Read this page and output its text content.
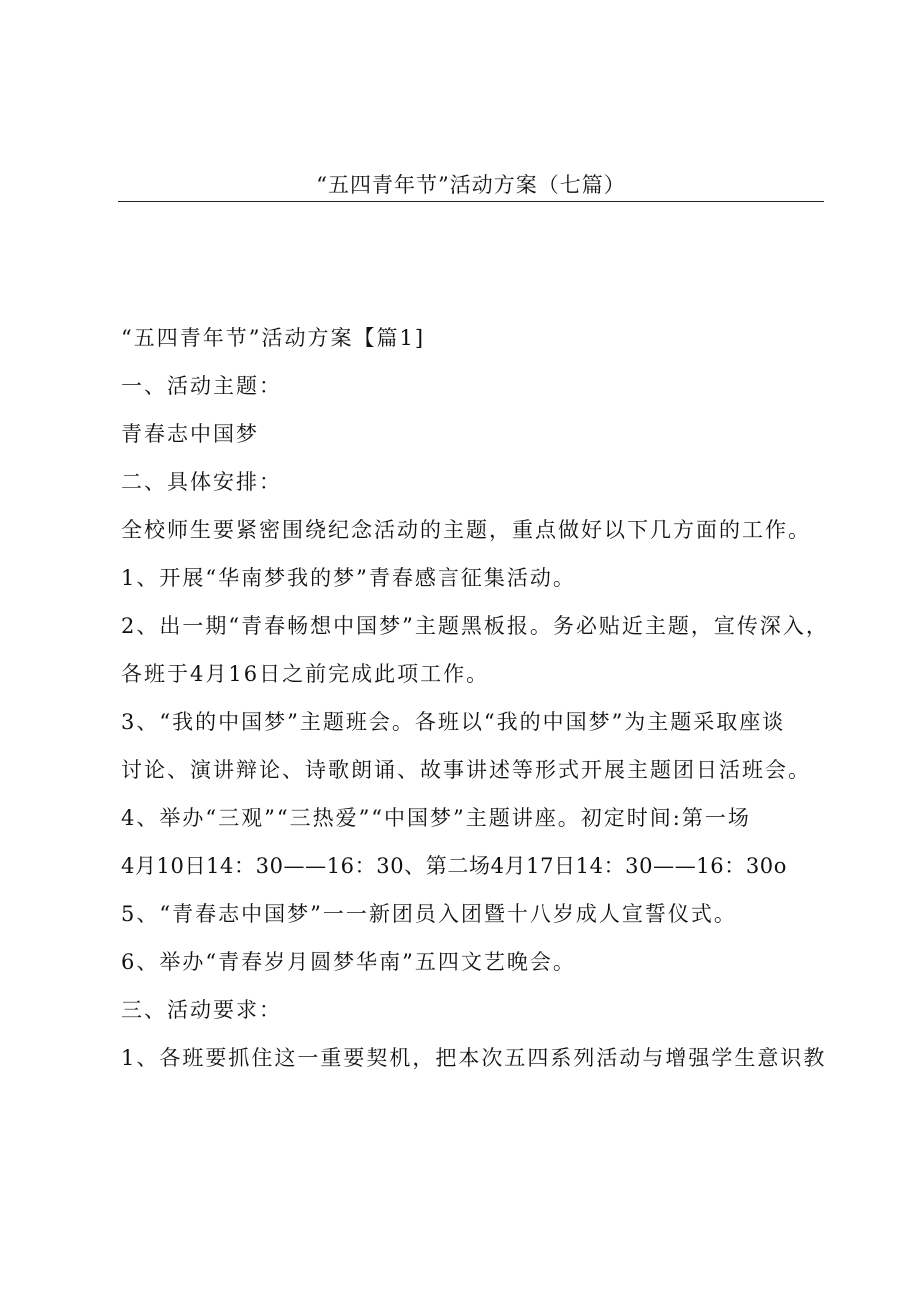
“五四青年节”活动方案（七篇）
“五四青年节”活动方案【篇1]
一、活动主题：
青春志中国梦
二、具体安排：
全校师生要紧密围绕纪念活动的主题，重点做好以下几方面的工作。
1、开展“华南梦我的梦”青春感言征集活动。
2、出一期“青春畅想中国梦”主题黑板报。务必贴近主题，宣传深入，
各班于4月16日之前完成此项工作。
3、“我的中国梦”主题班会。各班以“我的中国梦”为主题采取座谈
讨论、演讲辩论、诗歌朗诵、故事讲述等形式开展主题团日活班会。
4、举办“三观”“三热爱”“中国梦”主题讲座。初定时间:第一场
4月10日14：30——16：30、第二场4月17日14：30——16：30o
5、“青春志中国梦”一一新团员入团暨十八岁成人宣誓仪式。
6、举办“青春岁月圆梦华南”五四文艺晚会。
三、活动要求：
1、各班要抓住这一重要契机，把本次五四系列活动与增强学生意识教
